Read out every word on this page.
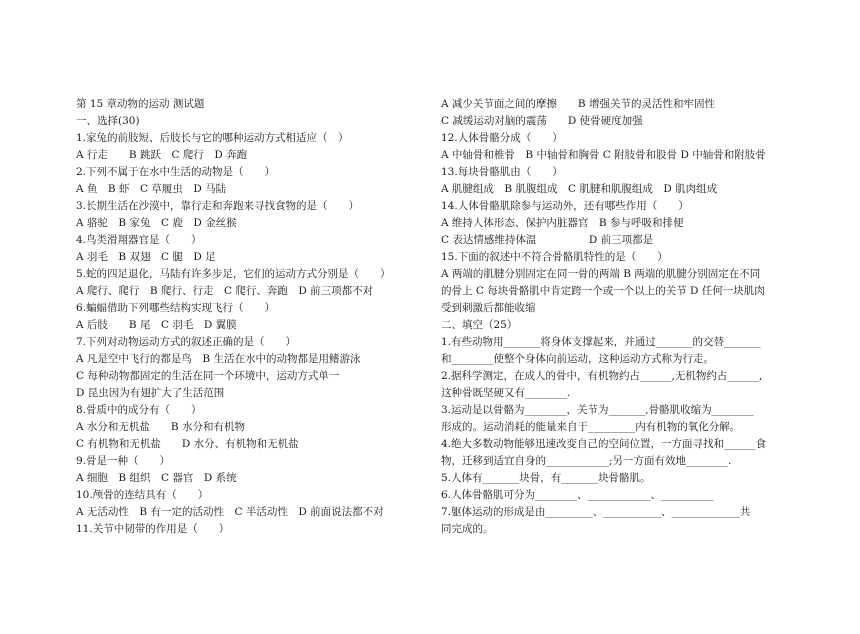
第 15 章动物的运动 测试题
一、选择(30)
1.家兔的前肢短、后肢长与它的哪种运动方式相适应（　）
A 行走　　B 跳跃　C 爬行　D 奔跑
2.下列不属于在水中生活的动物是（　　）
A 鱼　B 虾　C 草履虫　D 马陆
3.长期生活在沙漠中，靠行走和奔跑来寻找食物的是（　　）
A 骆驼　B 家兔　C 鹿　D 金丝猴
4.鸟类滑翔器官是（　　）
A 羽毛　B 双翅　C 腿　D 足
5.蛇的四足退化，马陆有许多步足，它们的运动方式分别是（　　）
A 爬行、爬行　B 爬行、行走　C 爬行、奔跑　D 前三项都不对
6.蝙蝠借助下列哪些结构实现飞行（　　）
A 后肢　　B 尾　C 羽毛　D 翼膜
7.下列对动物运动方式的叙述正确的是（　　）
A 凡是空中飞行的都是鸟　B 生活在水中的动物都是用鳍游泳
C 每种动物都固定的生活在同一个环境中，运动方式单一
D 昆虫因为有翅扩大了生活范围
8.骨质中的成分有（　　）
A 水分和无机盐　　B 水分和有机物
C 有机物和无机盐　　D 水分、有机物和无机盐
9.骨是一种（　　）
A 细胞　B 组织　C 器官　D 系统
10.颅骨的连结具有（　　）
A 无活动性　B 有一定的活动性　C 半活动性　D 前面说法都不对
11.关节中韧带的作用是（　　）
A 减少关节面之间的摩擦　　B 增强关节的灵活性和牢固性
C 减缓运动对脑的震荡　　D 使骨硬度加强
12.人体骨骼分成（　　）
A 中轴骨和椎骨　B 中轴骨和胸骨 C 附肢骨和股骨 D 中轴骨和附肢骨
13.每块骨骼肌由（　　）
A 肌腱组成　B 肌腹组成　C 肌腱和肌腹组成　D 肌肉组成
14.人体骨骼肌除参与运动外，还有哪些作用（　　）
A 维持人体形态、保护内脏器官　B 参与呼吸和排便
C 表达情感维持体温　　　　　D 前三项都是
15.下面的叙述中不符合骨骼肌特性的是（　　）
A 两端的肌腱分别固定在同一骨的两端 B 两端的肌腱分别固定在不同
的骨上 C 每块骨骼肌中肯定跨一个或一个以上的关节 D 任何一块肌肉
受到刺激后都能收缩
二、填空（25）
1.有些动物用_______将身体支撑起来，并通过_______的交替_______
和________使整个身体向前运动，这种运动方式称为行走。
2.据科学测定，在成人的骨中，有机物约占______,无机物约占______,
这种骨既坚硬又有________.
3.运动是以骨骼为________，关节为_______,骨骼肌收缩为________
形成的。运动消耗的能量来自于_________内有机物的氧化分解。
4.绝大多数动物能够迅速改变自己的空间位置，一方面寻找和______食
物，迁移到适宜自身的____________;另一方面有效地________.
5.人体有_______块骨，有_______块骨骼肌。
6.人体骨骼肌可分为________、____________、__________
7.躯体运动的形成是由_________、___________、_____________共
同完成的。
